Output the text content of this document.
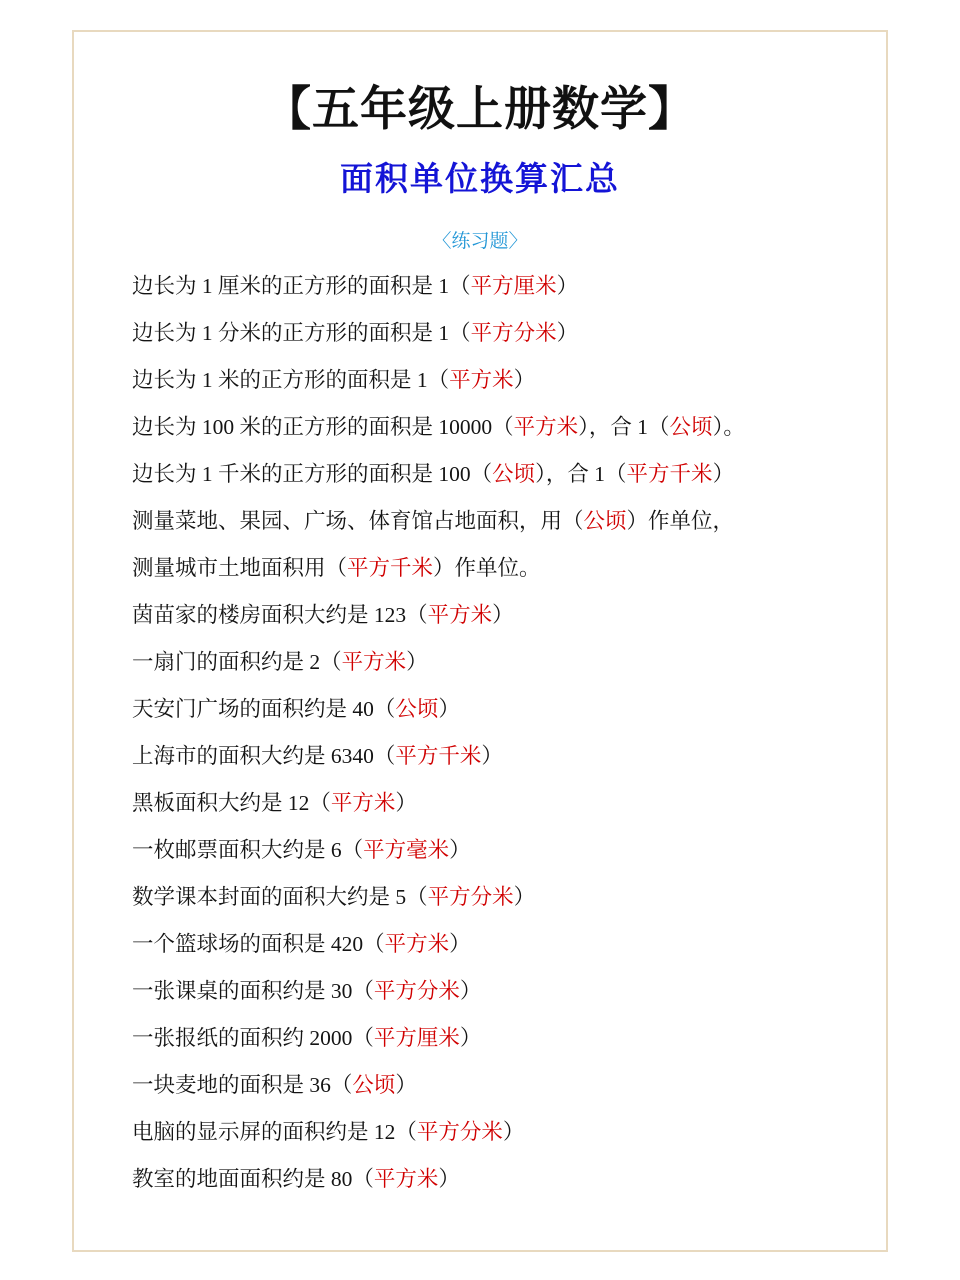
【五年级上册数学】
面积单位换算汇总
〈练习题〉
边长为 1 厘米的正方形的面积是 1（平方厘米）
边长为 1 分米的正方形的面积是 1（平方分米）
边长为 1 米的正方形的面积是 1（平方米）
边长为 100 米的正方形的面积是 10000（平方米），合 1（公顷）。
边长为 1 千米的正方形的面积是 100（公顷），合 1（平方千米）
测量菜地、果园、广场、体育馆占地面积，用（公顷）作单位，
测量城市土地面积用（平方千米）作单位。
茵苗家的楼房面积大约是 123（平方米）
一扇门的面积约是 2（平方米）
天安门广场的面积约是 40（公顷）
上海市的面积大约是 6340（平方千米）
黑板面积大约是 12（平方米）
一枚邮票面积大约是 6（平方毫米）
数学课本封面的面积大约是 5（平方分米）
一个篮球场的面积是 420（平方米）
一张课桌的面积约是 30（平方分米）
一张报纸的面积约 2000（平方厘米）
一块麦地的面积是 36（公顷）
电脑的显示屏的面积约是 12（平方分米）
教室的地面面积约是 80（平方米）
